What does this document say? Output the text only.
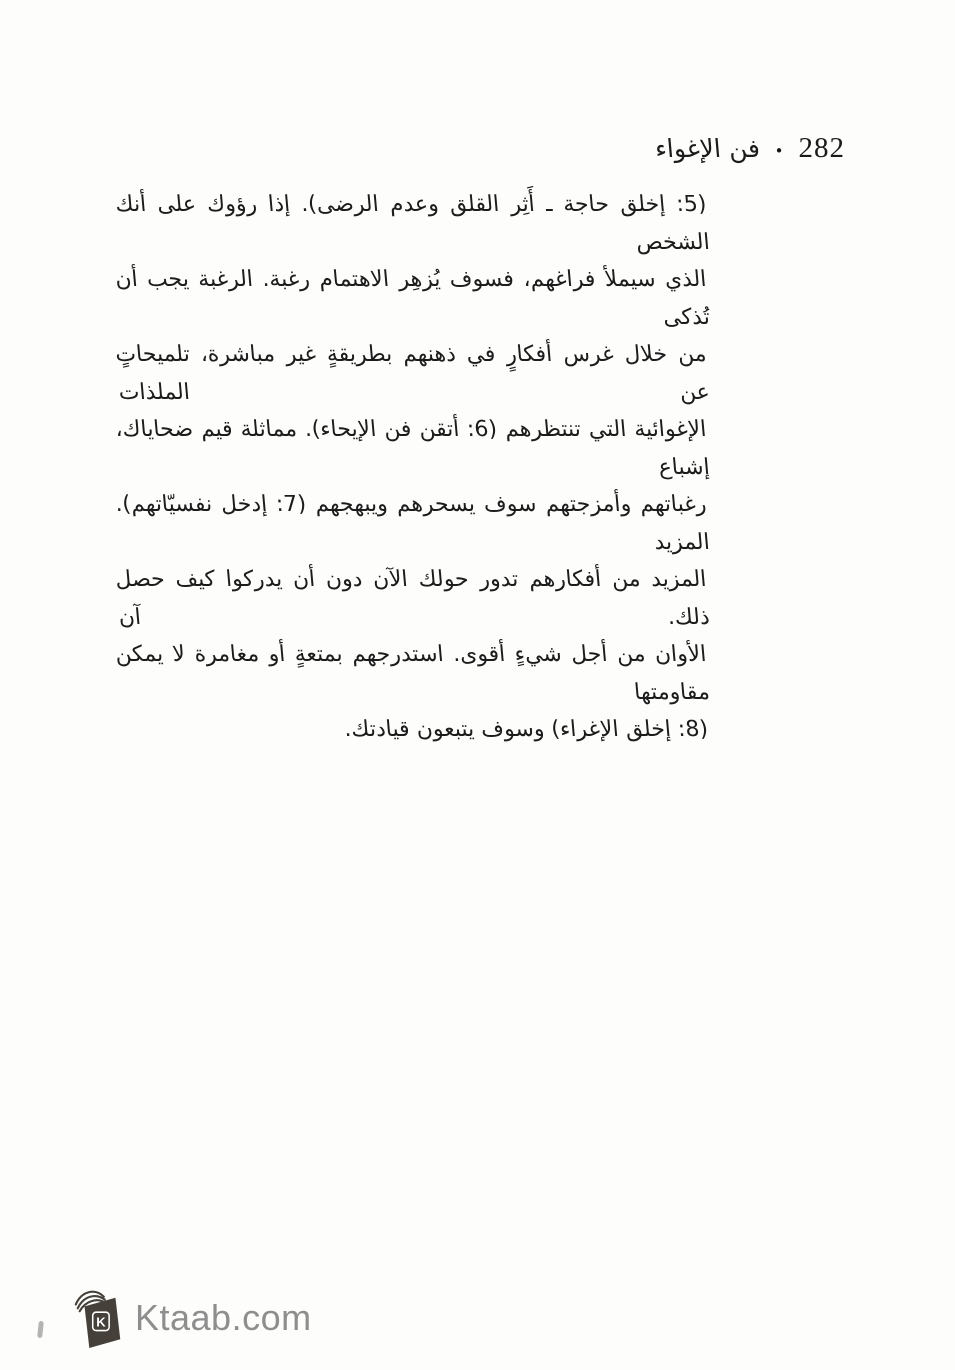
فن الإغواء • 282
(5: إخلق حاجة ـ أَثِر القلق وعدم الرضى). إذا رؤوك على أنك الشخص
الذي سيملأ فراغهم، فسوف يُزهِر الاهتمام رغبة. الرغبة يجب أن تُذكى
من خلال غرس أفكارٍ في ذهنهم بطريقةٍ غير مباشرة، تلميحاتٍ عن الملذات
الإغوائية التي تنتظرهم (6: أتقن فن الإيحاء). مماثلة قيم ضحاياك، إشباع
رغباتهم وأمزجتهم سوف يسحرهم ويبهجهم (7: إدخل نفسيّاتهم). المزيد
المزيد من أفكارهم تدور حولك الآن دون أن يدركوا كيف حصل ذلك. آن
الأوان من أجل شيءٍ أقوى. استدرجهم بمتعةٍ أو مغامرة لا يمكن مقاومتها
(8: إخلق الإغراء) وسوف يتبعون قيادتك.
K Ktaab.com
